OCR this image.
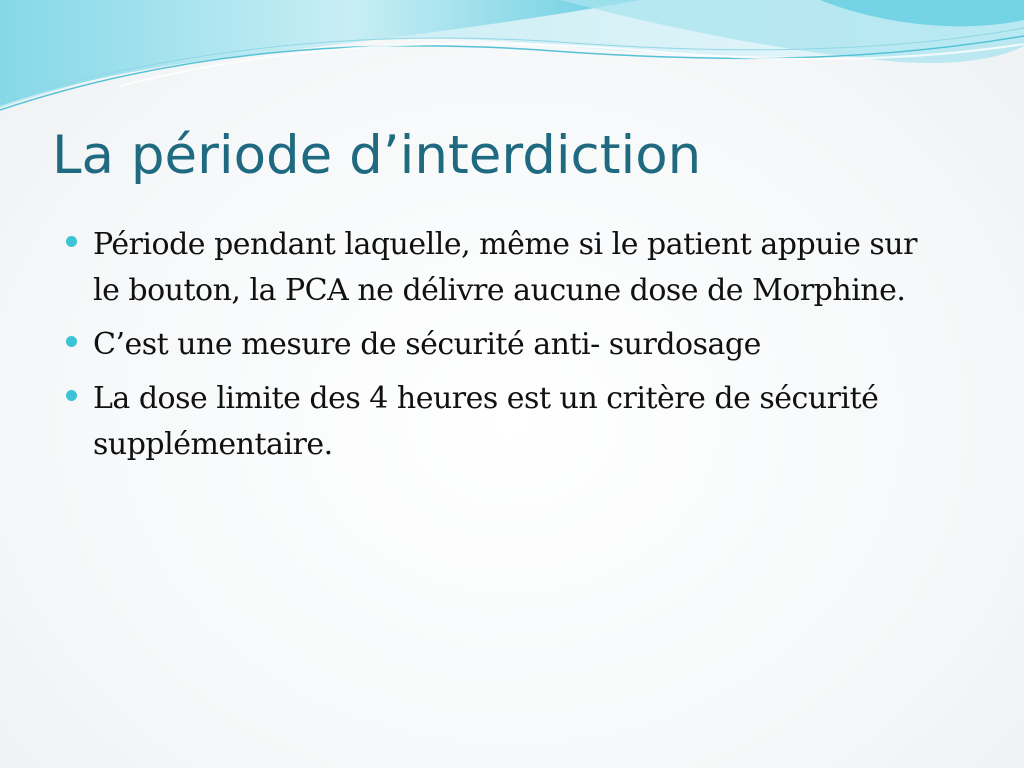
La période d’interdiction
Période pendant laquelle, même si le patient appuie sur le bouton, la PCA ne délivre aucune dose de Morphine.
C’est une mesure de sécurité anti- surdosage
La dose limite des 4 heures est un critère de sécurité supplémentaire.
